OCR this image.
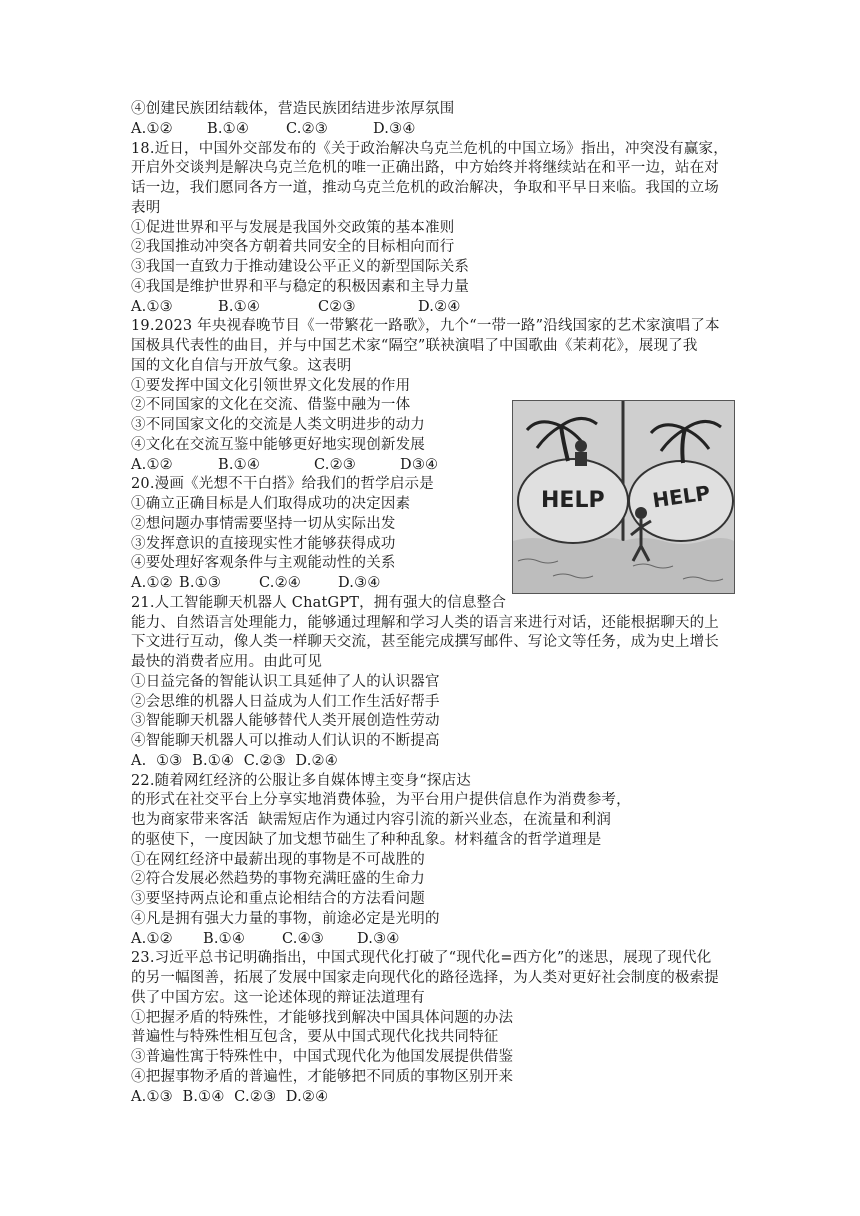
④创建民族团结载体，营造民族团结进步浓厚氛围
A.①②	B.①④	C.②③	D.③④
18.近日，中国外交部发布的《关于政治解决乌克兰危机的中国立场》指出，冲突没有赢家，
开启外交谈判是解决乌克兰危机的唯一正确出路，中方始终并将继续站在和平一边，站在对
话一边，我们愿同各方一道，推动乌克兰危机的政治解决，争取和平早日来临。我国的立场
表明
①促进世界和平与发展是我国外交政策的基本准则
②我国推动冲突各方朝着共同安全的目标相向而行
③我国一直致力于推动建设公平正义的新型国际关系
④我国是维护世界和平与稳定的积极因素和主导力量
A.①③	B.①④	C②③	D.②④
19.2023 年央视春晚节目《一带繁花一路歌》，九个“一带一路”沿线国家的艺术家演唱了本
国极具代表性的曲目，并与中国艺术家“隔空”联袂演唱了中国歌曲《茉莉花》，展现了我
国的文化自信与开放气象。这表明
①要发挥中国文化引领世界文化发展的作用
②不同国家的文化在交流、借鉴中融为一体
③不同国家文化的交流是人类文明进步的动力
④文化在交流互鉴中能够更好地实现创新发展
A.①②	B.①④	C.②③	D③④
20.漫画《光想不干白搭》给我们的哲学启示是
①确立正确目标是人们取得成功的决定因素
②想问题办事情需要坚持一切从实际出发
③发挥意识的直接现实性才能够获得成功
④要处理好客观条件与主观能动性的关系
A.①② B.①③	C.②④	D.③④
21.人工智能聊天机器人 ChatGPT，拥有强大的信息整合
能力、自然语言处理能力，能够通过理解和学习人类的语言来进行对话，还能根据聊天的上
下文进行互动，像人类一样聊天交流，甚至能完成撰写邮件、写论文等任务，成为史上增长
最快的消费者应用。由此可见
①日益完备的智能认识工具延伸了人的认识器官
②会思维的机器人日益成为人们工作生活好帮手
③智能聊天机器人能够替代人类开展创造性劳动
④智能聊天机器人可以推动人们认识的不断提高
A.  ①③  B.①④  C.②③  D.②④
22.随着网红经济的公服让多自媒体博主变身“探店达
的形式在社交平台上分享实地消费体验，为平台用户提供信息作为消费参考，
也为商家带来客活  缺需短店作为通过内容引流的新兴业态，在流量和利润
的驱使下，一度因缺了加戈想节础生了种种乱象。材料蕴含的哲学道理是
①在网红经济中最薪出现的事物是不可战胜的
②符合发展必然趋势的事物充满旺盛的生命力
③要坚持两点论和重点论相结合的方法看问题
④凡是拥有强大力量的事物，前途必定是光明的
A.①②	B.①④	C.④③	D.③④
23.习近平总书记明确指出，中国式现代化打破了“现代化=西方化”的迷思，展现了现代化
的另一幅图善，拓展了发展中国家走向现代化的路径选择，为人类对更好社会制度的极索提
供了中国方宏。这一论述体现的辩证法道理有
①把握矛盾的特殊性，才能够找到解决中国具体问题的办法
普遍性与特殊性相互包含，要从中国式现代化找共同特征
③普遍性寓于特殊性中，中国式现代化为他国发展提供借鉴
④把握事物矛盾的普遍性，才能够把不同质的事物区别开来
A.①③  B.①④  C.②③  D.②④
HELP HELP
